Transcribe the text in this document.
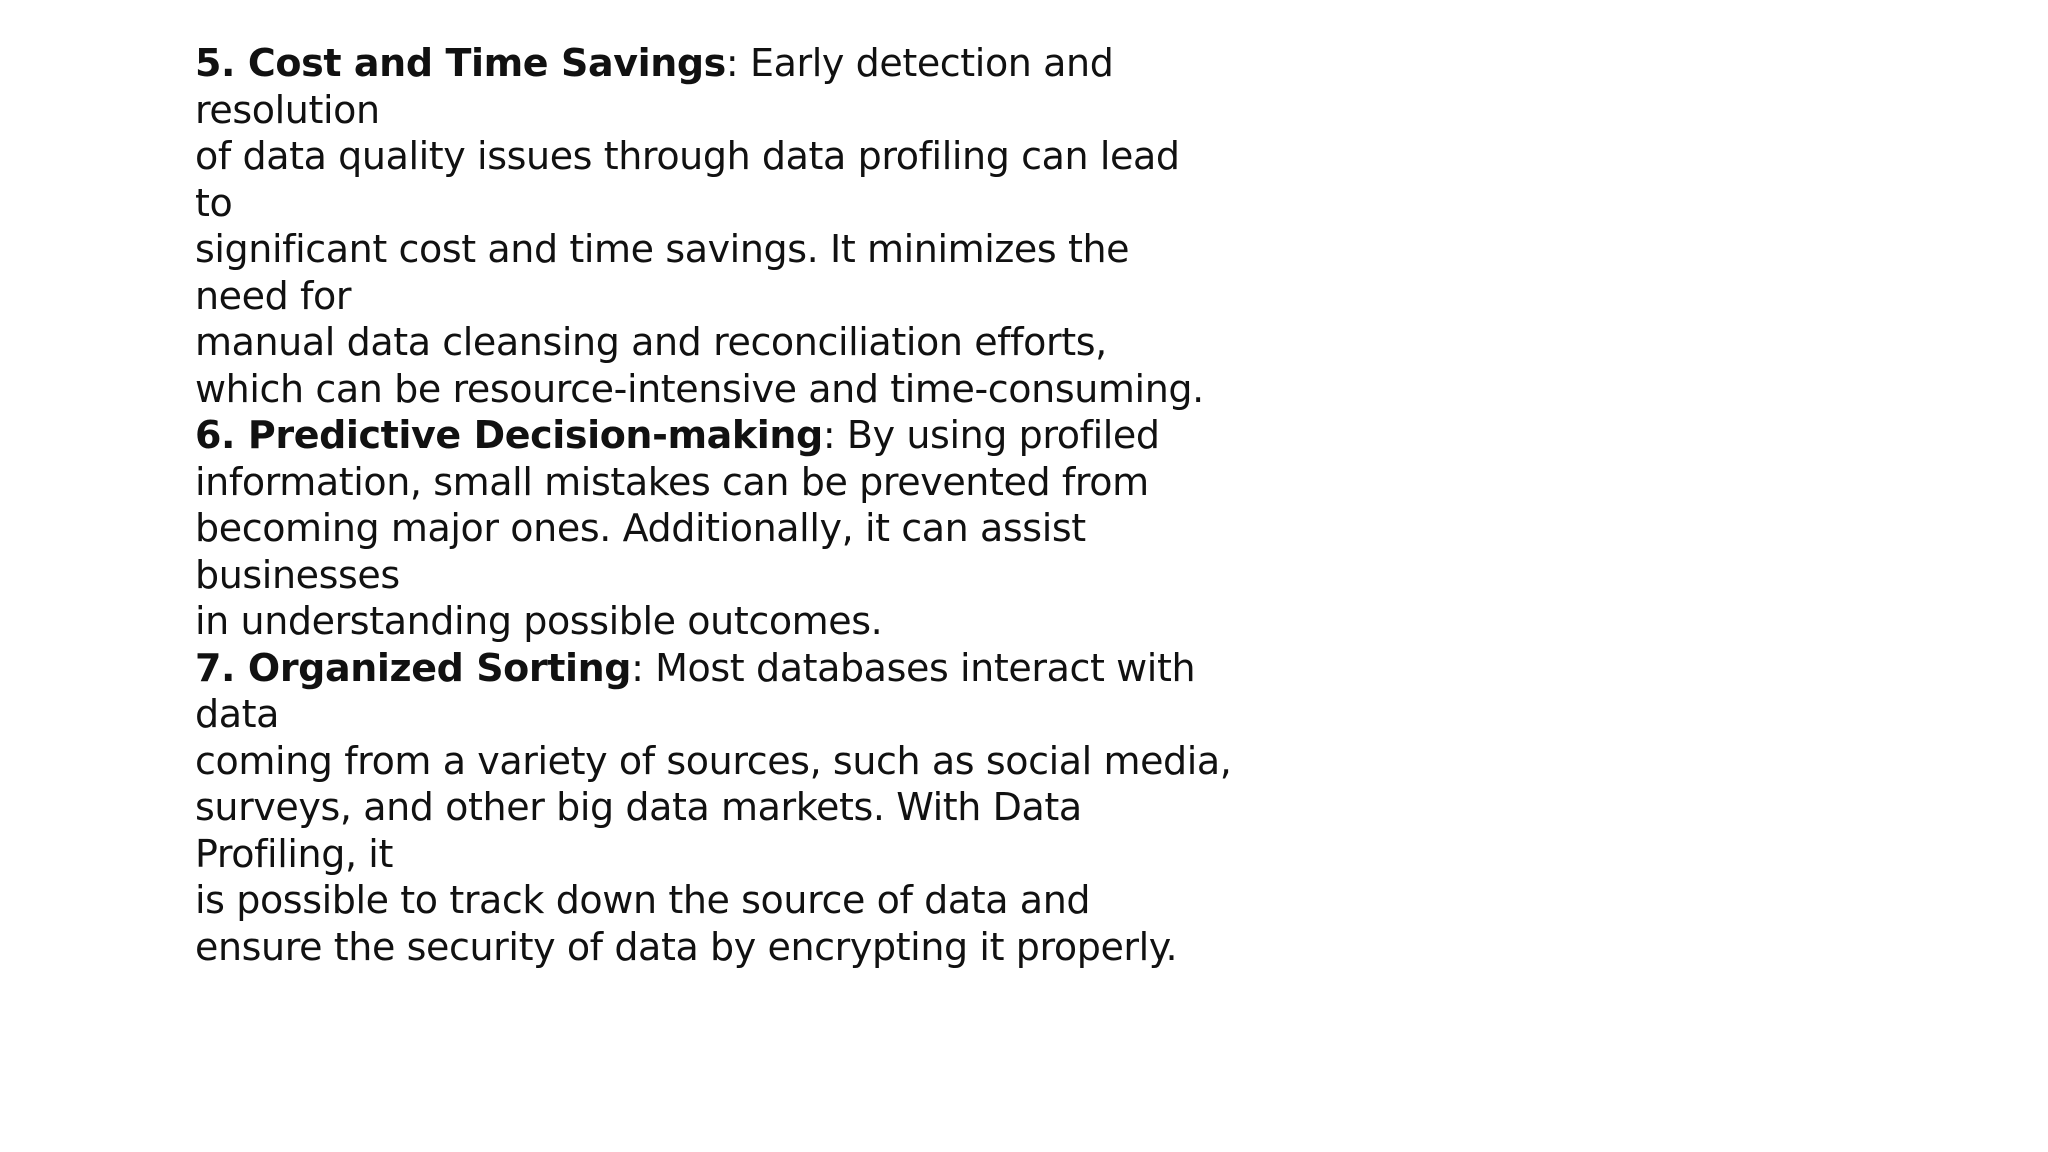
5. Cost and Time Savings: Early detection and
resolution
of data quality issues through data profiling can lead
to
significant cost and time savings. It minimizes the
need for
manual data cleansing and reconciliation efforts,
which can be resource-intensive and time-consuming.
6. Predictive Decision-making: By using profiled
information, small mistakes can be prevented from
becoming major ones. Additionally, it can assist
businesses
in understanding possible outcomes.
7. Organized Sorting: Most databases interact with
data
coming from a variety of sources, such as social media,
surveys, and other big data markets. With Data
Profiling, it
is possible to track down the source of data and
ensure the security of data by encrypting it properly.
